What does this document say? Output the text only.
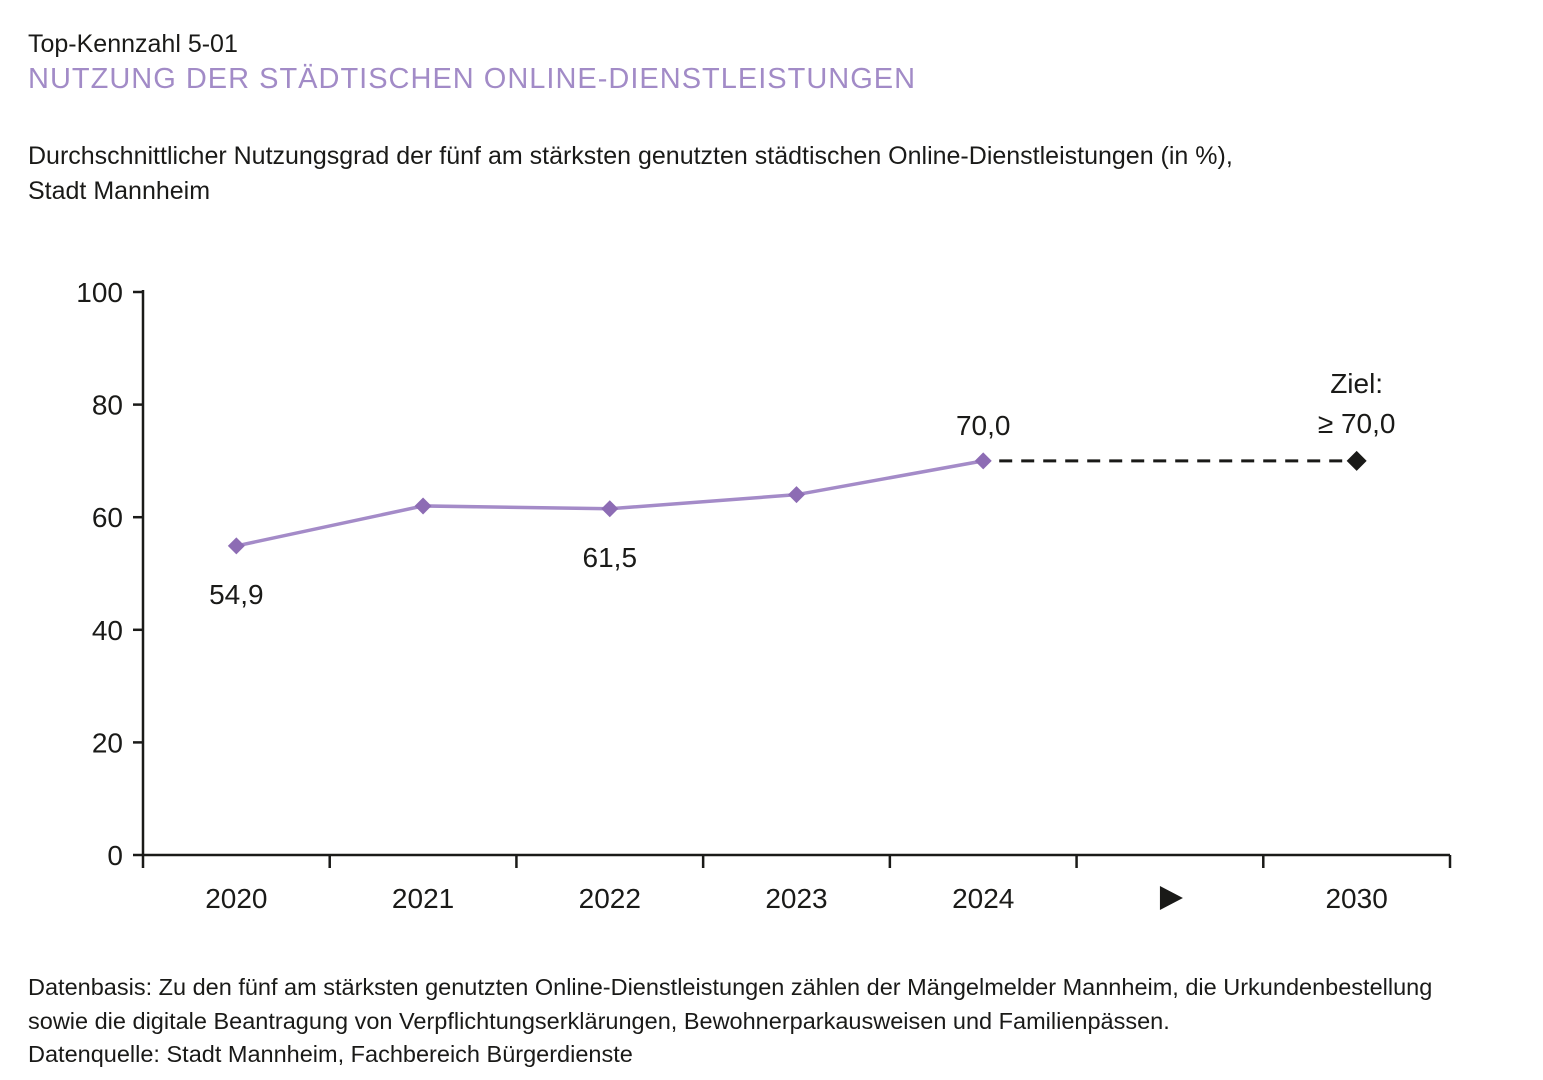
Top-Kennzahl 5-01
NUTZUNG DER STÄDTISCHEN ONLINE-DIENSTLEISTUNGEN

Durchschnittlicher Nutzungsgrad der fünf am stärksten genutzten städtischen Online-Dienstleistungen (in %),
Stadt Mannheim

0
20
40
60
80
100
2020	2021	2022	2023	2024	2030
54,9
61,5
70,0
Ziel:
≥ 70,0
Datenbasis: Zu den fünf am stärksten genutzten Online-Dienstleistungen zählen der Mängelmelder Mannheim, die Urkundenbestellung
sowie die digitale Beantragung von Verpflichtungserklärungen, Bewohnerparkausweisen und Familienpässen.
Datenquelle: Stadt Mannheim, Fachbereich Bürgerdienste
